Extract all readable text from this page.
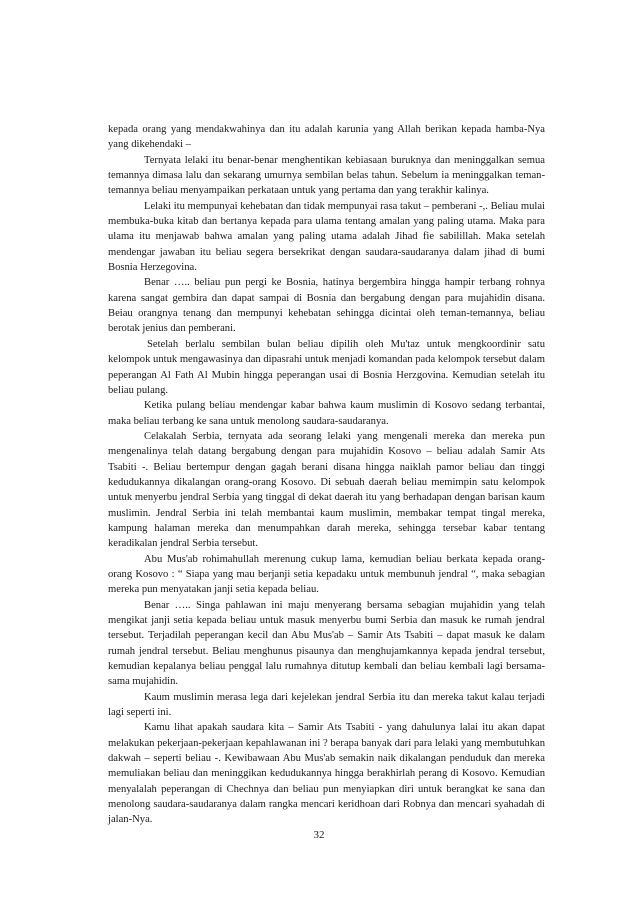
kepada orang yang mendakwahinya dan itu adalah karunia yang Allah berikan kepada hamba-Nya yang dikehendaki –

Ternyata lelaki itu benar-benar menghentikan kebiasaan buruknya dan meninggalkan semua temannya dimasa lalu dan sekarang umurnya sembilan belas tahun. Sebelum ia meninggalkan teman-temannya beliau menyampaikan perkataan untuk yang pertama dan yang terakhir kalinya.

Lelaki itu mempunyai kehebatan dan tidak mempunyai rasa takut – pemberani -,. Beliau mulai membuka-buka kitab dan bertanya kepada para ulama tentang amalan yang paling utama. Maka para ulama itu menjawab bahwa amalan yang paling utama adalah Jihad fie sabilillah. Maka setelah mendengar jawaban itu beliau segera bersekrikat dengan saudara-saudaranya dalam jihad di bumi Bosnia Herzegovina.

Benar ….. beliau pun pergi ke Bosnia, hatinya bergembira hingga hampir terbang rohnya karena sangat gembira dan dapat sampai di Bosnia dan bergabung dengan para mujahidin disana. Beiau orangnya tenang dan mempunyi kehebatan sehingga dicintai oleh teman-temannya, beliau berotak jenius dan pemberani.

Setelah berlalu sembilan bulan beliau dipilih oleh Mu'taz untuk mengkoordinir satu kelompok untuk mengawasinya dan dipasrahi untuk menjadi komandan pada kelompok tersebut dalam peperangan Al Fath Al Mubin hingga peperangan usai di Bosnia Herzgovina. Kemudian setelah itu beliau pulang.

Ketika pulang beliau mendengar kabar bahwa kaum muslimin di Kosovo sedang terbantai, maka beliau terbang ke sana untuk menolong saudara-saudaranya.

Celakalah Serbia, ternyata ada seorang lelaki yang mengenali mereka dan mereka pun mengenalinya telah datang bergabung dengan para mujahidin Kosovo – beliau adalah Samir Ats Tsabiti -. Beliau bertempur dengan gagah berani disana hingga naiklah pamor beliau dan tinggi kedudukannya dikalangan orang-orang Kosovo. Di sebuah daerah beliau memimpin satu kelompok untuk menyerbu jendral Serbia yang tinggal di dekat daerah itu yang berhadapan dengan barisan kaum muslimin. Jendral Serbia ini telah membantai kaum muslimin, membakar tempat tingal mereka, kampung halaman mereka dan menumpahkan darah mereka, sehingga tersebar kabar tentang keradikalan jendral Serbia tersebut.

Abu Mus'ab rohimahullah merenung cukup lama, kemudian beliau berkata kepada orang-orang Kosovo : “ Siapa yang mau berjanji setia kepadaku untuk membunuh jendral “, maka sebagian mereka pun menyatakan janji setia kepada beliau.

Benar ….. Singa pahlawan ini maju menyerang bersama sebagian mujahidin yang telah mengikat janji setia kepada beliau untuk masuk menyerbu bumi Serbia dan masuk ke rumah jendral tersebut. Terjadilah peperangan kecil dan Abu Mus'ab – Samir Ats Tsabiti – dapat masuk ke dalam rumah jendral tersebut. Beliau menghunus pisaunya dan menghujamkannya kepada jendral tersebut, kemudian kepalanya beliau penggal lalu rumahnya ditutup kembali dan beliau kembali lagi bersama-sama mujahidin.

Kaum muslimin merasa lega dari kejelekan jendral Serbia itu dan mereka takut kalau terjadi lagi seperti ini.

Kamu lihat apakah saudara kita – Samir Ats Tsabiti - yang dahulunya lalai itu akan dapat melakukan pekerjaan-pekerjaan kepahlawanan ini ? berapa banyak dari para lelaki yang membutuhkan dakwah – seperti beliau -. Kewibawaan Abu Mus'ab semakin naik dikalangan penduduk dan mereka memuliakan beliau dan meninggikan kedudukannya hingga berakhirlah perang di Kosovo. Kemudian menyalalah peperangan di Chechnya dan beliau pun menyiapkan diri untuk berangkat ke sana dan menolong saudara-saudaranya dalam rangka mencari keridhoan dari Robnya dan mencari syahadah di jalan-Nya.

32
